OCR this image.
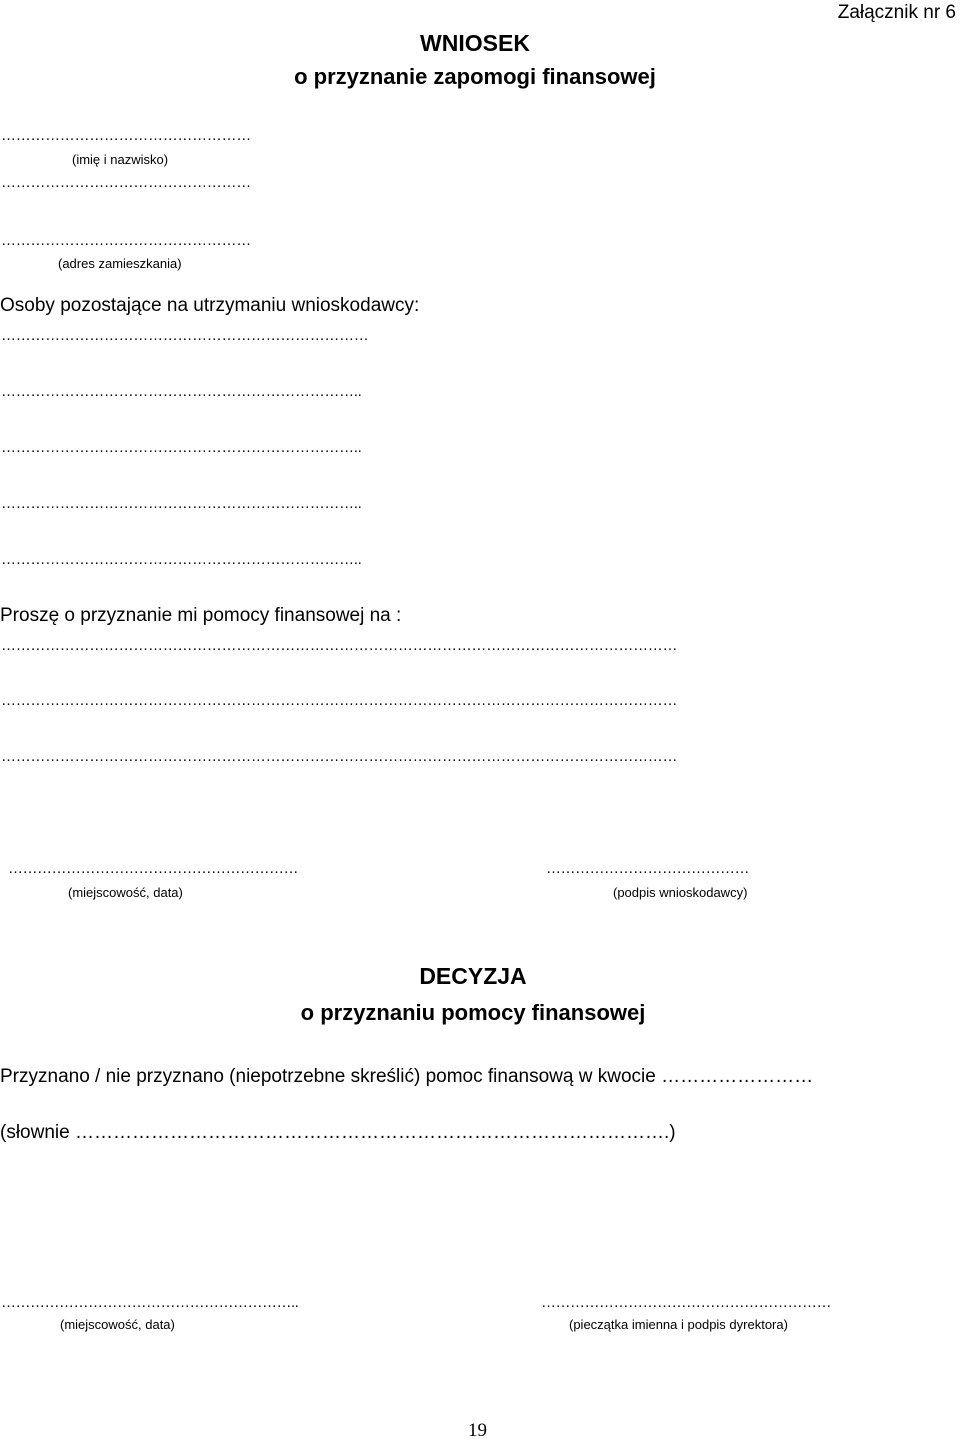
Załącznik nr 6
WNIOSEK
o przyznanie zapomogi finansowej
……………………………………………
(imię i nazwisko)
……………………………………………
……………………………………………
(adres zamieszkania)
Osoby pozostające na utrzymaniu wnioskodawcy:
…………………………………………………………………
………………………………………………………………..
………………………………………………………………..
………………………………………………………………..
………………………………………………………………..
Proszę o przyznanie mi pomocy finansowej na :
…………………………………………………………………………………………………………………………
…………………………………………………………………………………………………………………………
…………………………………………………………………………………………………………………………
……………………………………………………
(miejscowość, data)
……………………………………
(podpis wnioskodawcy)
DECYZJA
o przyznaniu pomocy finansowej
Przyznano / nie przyznano (niepotrzebne skreślić) pomoc finansową w kwocie ……………………
(słownie ………………………………………………………………………………….)
……………………………………………………..
(miejscowość, data)
……………………………………………………
(pieczątka imienna i podpis dyrektora)
19
